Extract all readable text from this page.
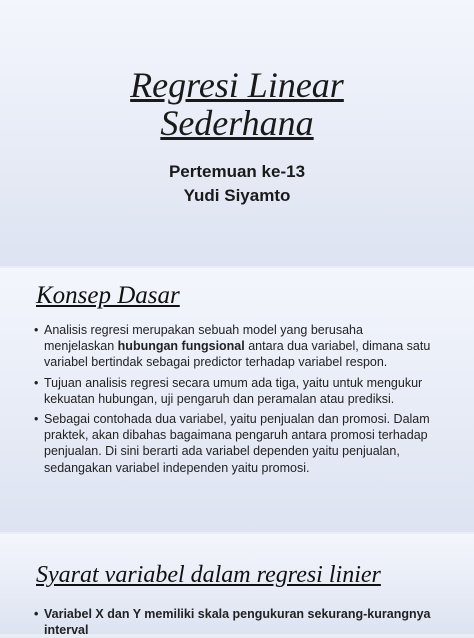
Regresi Linear
Sederhana
Pertemuan ke-13
Yudi Siyamto
Konsep Dasar
• Analisis regresi merupakan sebuah model yang berusaha menjelaskan hubungan fungsional antara dua variabel, dimana satu variabel bertindak sebagai predictor terhadap variabel respon.
• Tujuan analisis regresi secara umum ada tiga, yaitu untuk mengukur kekuatan hubungan, uji pengaruh dan peramalan atau prediksi.
• Sebagai contohada dua variabel, yaitu penjualan dan promosi. Dalam praktek, akan dibahas bagaimana pengaruh antara promosi terhadap penjualan. Di sini berarti ada variabel dependen yaitu penjualan, sedangakan variabel independen yaitu promosi.
Syarat variabel dalam regresi linier
• Variabel X dan Y memiliki skala pengukuran sekurang-kurangnya interval
